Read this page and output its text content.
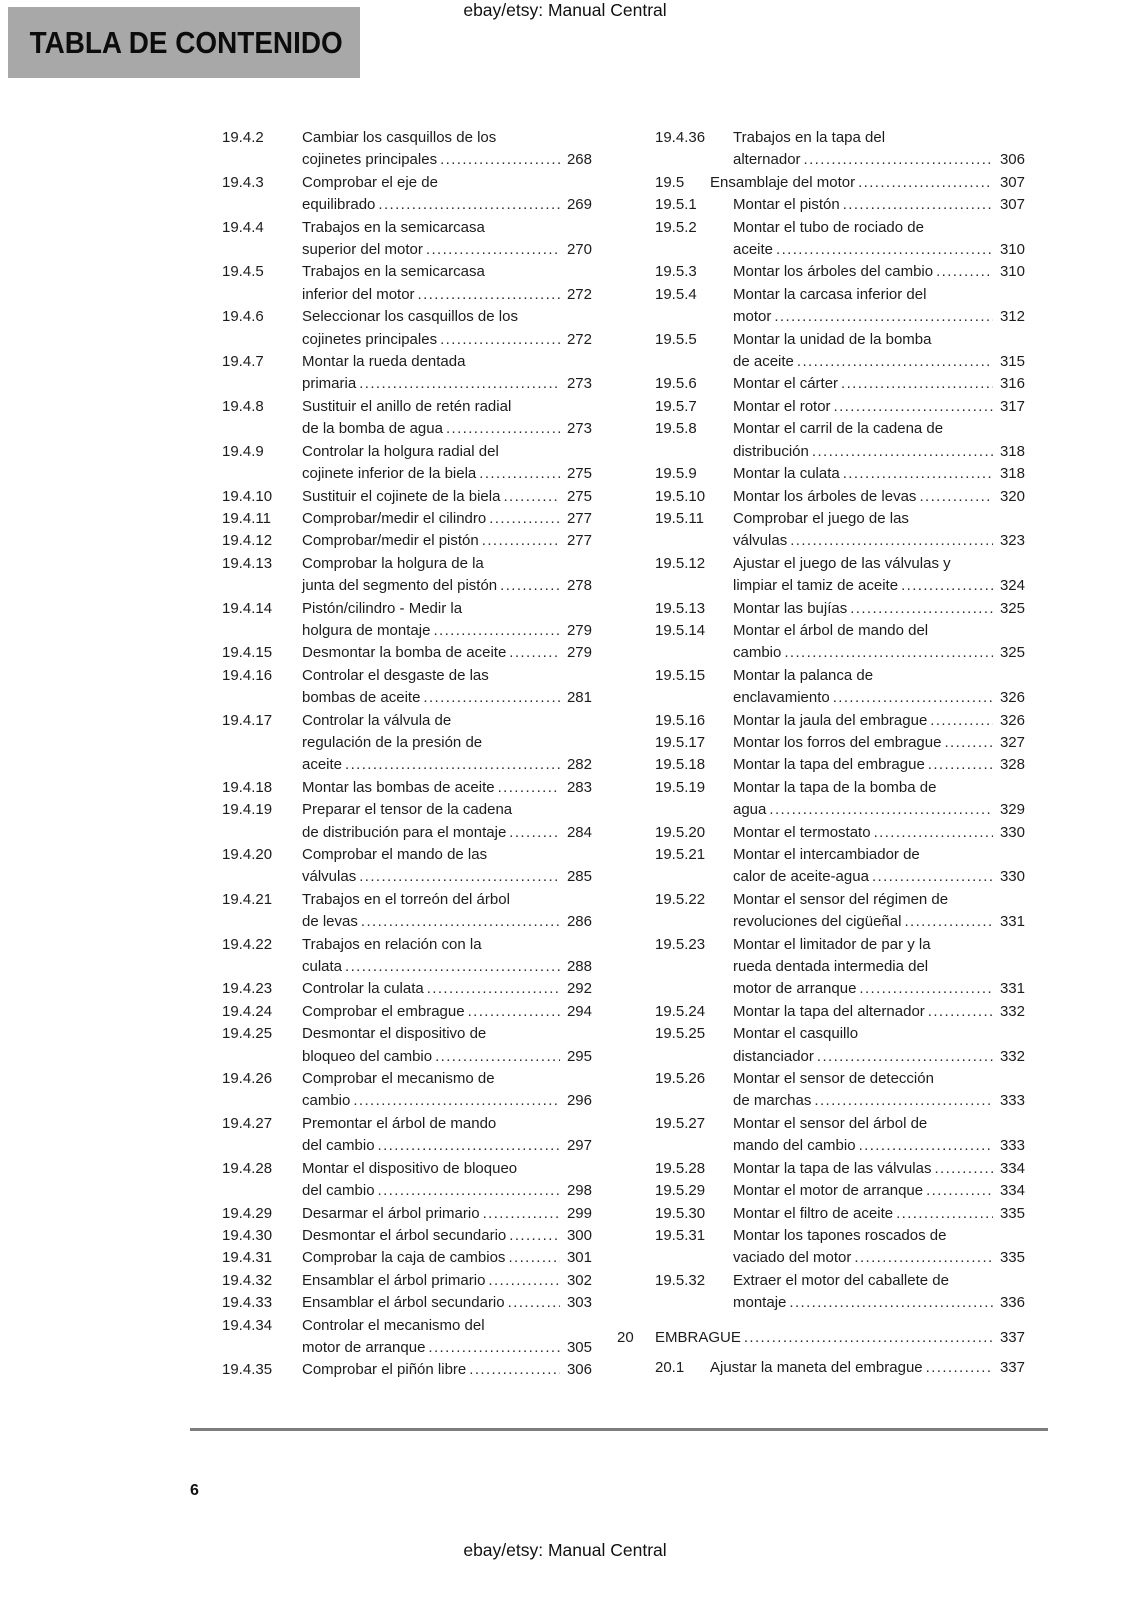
ebay/etsy: Manual Central
TABLA DE CONTENIDO
19.4.2	Cambiar los casquillos de los
cojinetes principales .....	268
19.4.3	Comprobar el eje de
equilibrado .....	269
19.4.4	Trabajos en la semicarcasa
superior del motor .....	270
19.4.5	Trabajos en la semicarcasa
inferior del motor .....	272
19.4.6	Seleccionar los casquillos de los
cojinetes principales .....	272
19.4.7	Montar la rueda dentada
primaria .....	273
19.4.8	Sustituir el anillo de retén radial
de la bomba de agua .....	273
19.4.9	Controlar la holgura radial del
cojinete inferior de la biela .....	275
19.4.10	Sustituir el cojinete de la biela .....	275
19.4.11	Comprobar/medir el cilindro .....	277
19.4.12	Comprobar/medir el pistón .....	277
19.4.13	Comprobar la holgura de la
junta del segmento del pistón .....	278
19.4.14	Pistón/cilindro - Medir la
holgura de montaje .....	279
19.4.15	Desmontar la bomba de aceite .....	279
19.4.16	Controlar el desgaste de las
bombas de aceite .....	281
19.4.17	Controlar la válvula de
regulación de la presión de
aceite .....	282
19.4.18	Montar las bombas de aceite .....	283
19.4.19	Preparar el tensor de la cadena
de distribución para el montaje .....	284
19.4.20	Comprobar el mando de las
válvulas .....	285
19.4.21	Trabajos en el torreón del árbol
de levas .....	286
19.4.22	Trabajos en relación con la
culata .....	288
19.4.23	Controlar la culata .....	292
19.4.24	Comprobar el embrague .....	294
19.4.25	Desmontar el dispositivo de
bloqueo del cambio .....	295
19.4.26	Comprobar el mecanismo de
cambio .....	296
19.4.27	Premontar el árbol de mando
del cambio .....	297
19.4.28	Montar el dispositivo de bloqueo
del cambio .....	298
19.4.29	Desarmar el árbol primario .....	299
19.4.30	Desmontar el árbol secundario .....	300
19.4.31	Comprobar la caja de cambios .....	301
19.4.32	Ensamblar el árbol primario .....	302
19.4.33	Ensamblar el árbol secundario .....	303
19.4.34	Controlar el mecanismo del
motor de arranque .....	305
19.4.35	Comprobar el piñón libre .....	306
19.4.36	Trabajos en la tapa del
alternador .....	306
19.5	Ensamblaje del motor .....	307
19.5.1	Montar el pistón .....	307
19.5.2	Montar el tubo de rociado de
aceite .....	310
19.5.3	Montar los árboles del cambio .....	310
19.5.4	Montar la carcasa inferior del
motor .....	312
19.5.5	Montar la unidad de la bomba
de aceite .....	315
19.5.6	Montar el cárter .....	316
19.5.7	Montar el rotor .....	317
19.5.8	Montar el carril de la cadena de
distribución .....	318
19.5.9	Montar la culata .....	318
19.5.10	Montar los árboles de levas .....	320
19.5.11	Comprobar el juego de las
válvulas .....	323
19.5.12	Ajustar el juego de las válvulas y
limpiar el tamiz de aceite .....	324
19.5.13	Montar las bujías .....	325
19.5.14	Montar el árbol de mando del
cambio .....	325
19.5.15	Montar la palanca de
enclavamiento .....	326
19.5.16	Montar la jaula del embrague .....	326
19.5.17	Montar los forros del embrague .....	327
19.5.18	Montar la tapa del embrague .....	328
19.5.19	Montar la tapa de la bomba de
agua .....	329
19.5.20	Montar el termostato .....	330
19.5.21	Montar el intercambiador de
calor de aceite-agua .....	330
19.5.22	Montar el sensor del régimen de
revoluciones del cigüeñal .....	331
19.5.23	Montar el limitador de par y la
rueda dentada intermedia del
motor de arranque .....	331
19.5.24	Montar la tapa del alternador .....	332
19.5.25	Montar el casquillo
distanciador .....	332
19.5.26	Montar el sensor de detección
de marchas .....	333
19.5.27	Montar el sensor del árbol de
mando del cambio .....	333
19.5.28	Montar la tapa de las válvulas .....	334
19.5.29	Montar el motor de arranque .....	334
19.5.30	Montar el filtro de aceite .....	335
19.5.31	Montar los tapones roscados de
vaciado del motor .....	335
19.5.32	Extraer el motor del caballete de
montaje .....	336
20	EMBRAGUE .....	337
20.1	Ajustar la maneta del embrague .....	337
6
ebay/etsy: Manual Central
